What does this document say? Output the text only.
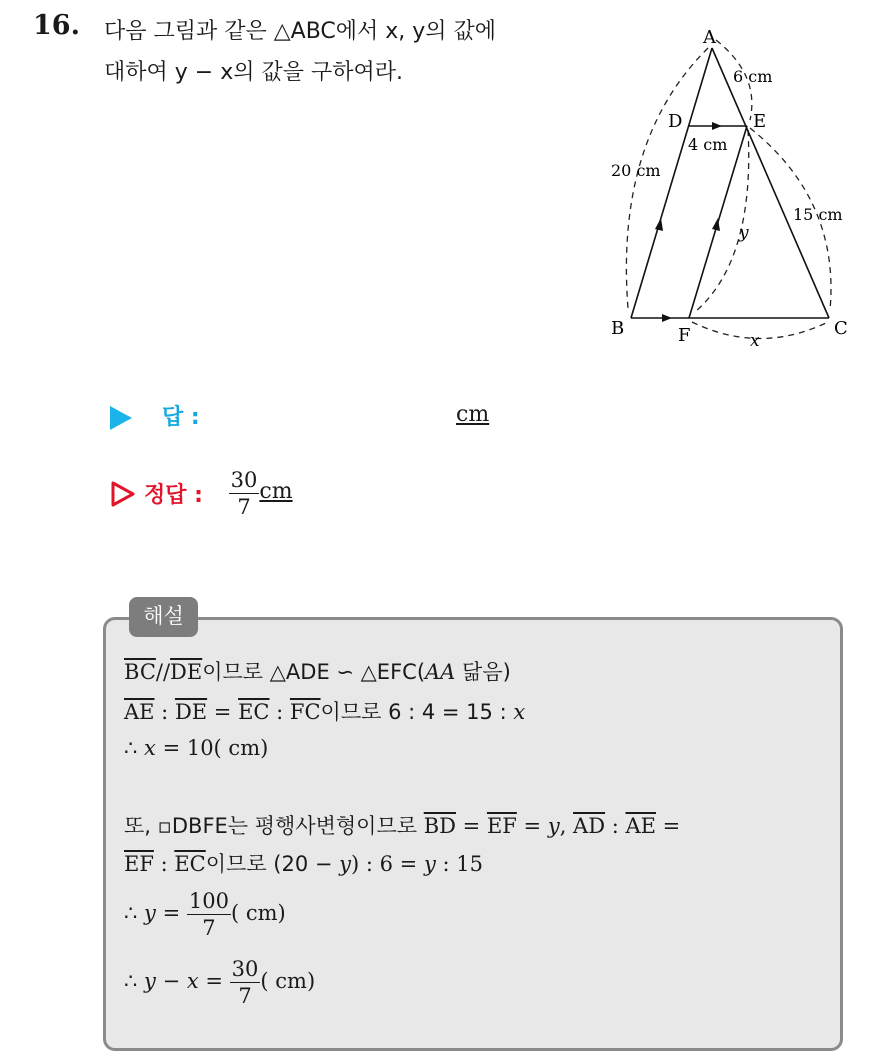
16. 다음 그림과 같은 △ABC에서 x, y의 값에
대하여 y − x의 값을 구하여라.
A
B	C
D	E
F
6 cm
4 cm
20 cm
15 cm
y
x
답 :	cm
정답 : $\frac{30}{7}$ cm
해설
$\overline{BC}//\overline{DE}$이므로 △ADE ∽ △EFC(AA 닮음)
$\overline{AE}$ : $\overline{DE} = \overline{EC}$ : $\overline{FC}$이므로 6 : 4 = 15 : x
∴ x = 10( cm)
또, ▫DBFE는 평행사변형이므로 $\overline{BD} = \overline{EF} = y$, $\overline{AD}$ : $\overline{AE}$ =
$\overline{EF}$ : $\overline{EC}$이므로 (20 − y) : 6 = y : 15
∴ $y = \frac{100}{7}$ ( cm)
∴ $y - x = \frac{30}{7}$ ( cm)
